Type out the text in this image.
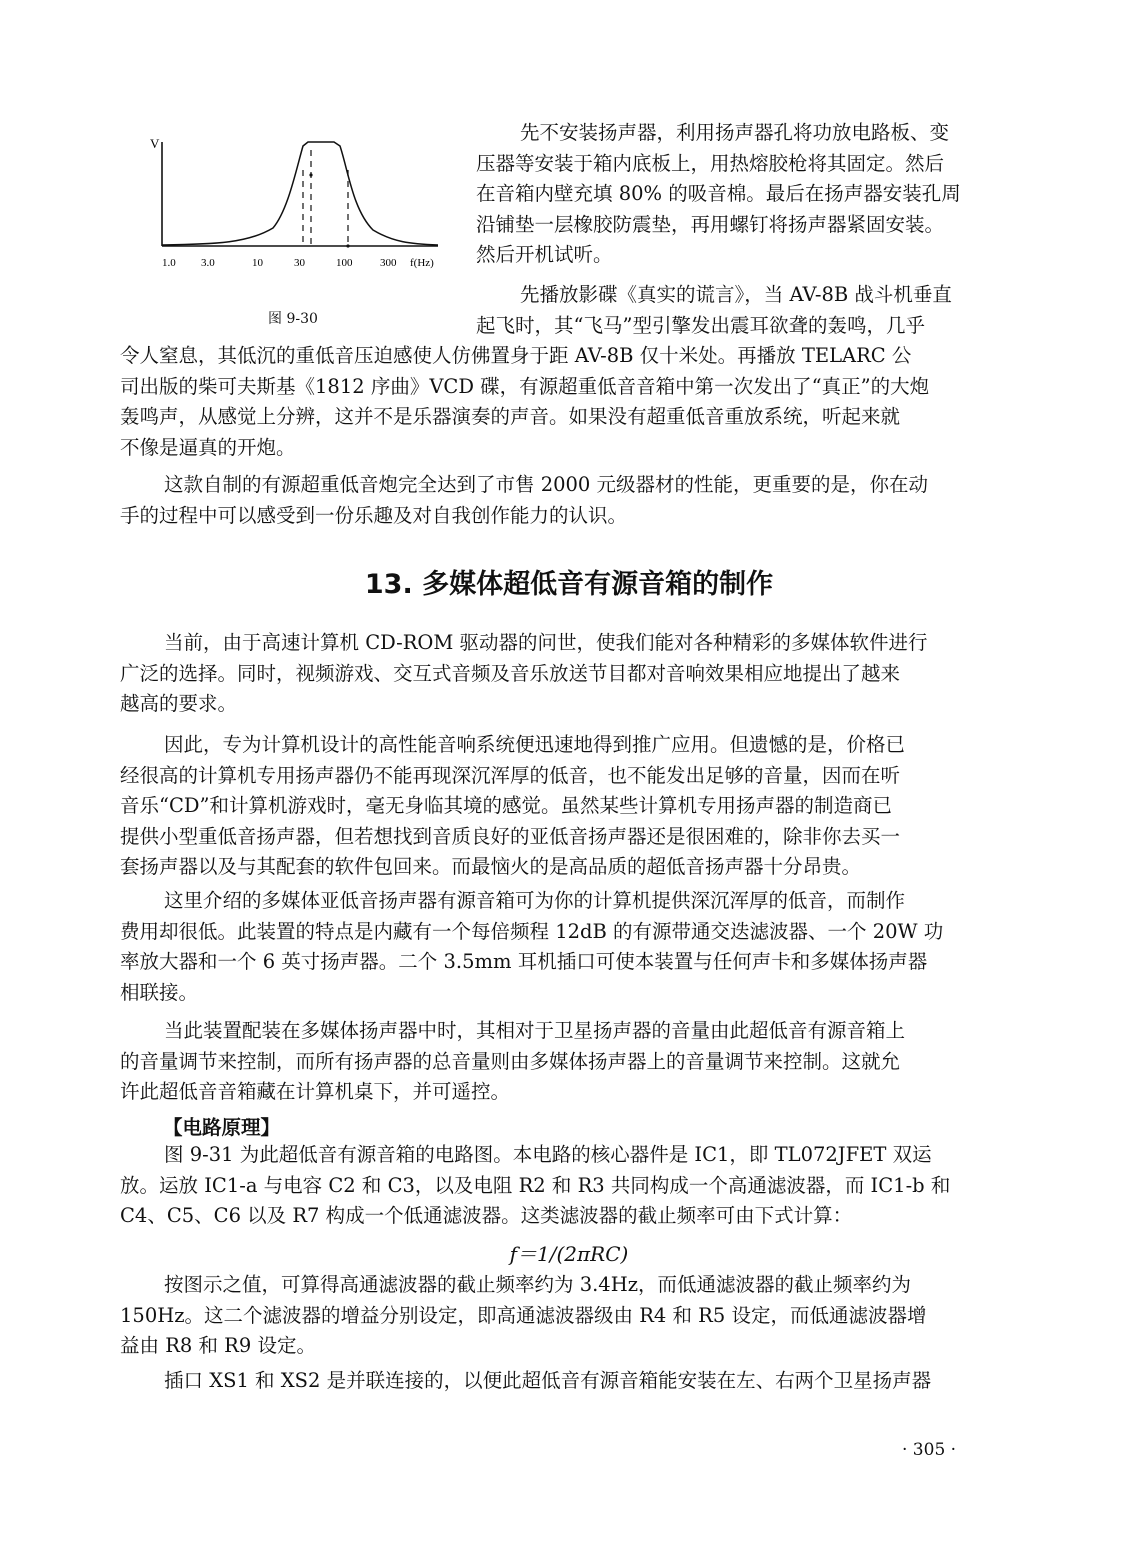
V
1.0 3.0	10	30	100	300 f(Hz)
图 9-30
先不安装扬声器，利用扬声器孔将功放电路板、变
压器等安装于箱内底板上，用热熔胶枪将其固定。然后
在音箱内壁充填 80% 的吸音棉。最后在扬声器安装孔周
沿铺垫一层橡胶防震垫，再用螺钉将扬声器紧固安装。
然后开机试听。
先播放影碟《真实的谎言》，当 AV-8B 战斗机垂直
起飞时，其“飞马”型引擎发出震耳欲聋的轰鸣，几乎
令人窒息，其低沉的重低音压迫感使人仿佛置身于距 AV-8B 仅十米处。再播放 TELARC 公
司出版的柴可夫斯基《1812 序曲》VCD 碟，有源超重低音音箱中第一次发出了“真正”的大炮
轰鸣声，从感觉上分辨，这并不是乐器演奏的声音。如果没有超重低音重放系统，听起来就
不像是逼真的开炮。
这款自制的有源超重低音炮完全达到了市售 2000 元级器材的性能，更重要的是，你在动
手的过程中可以感受到一份乐趣及对自我创作能力的认识。
13. 多媒体超低音有源音箱的制作
当前，由于高速计算机 CD-ROM 驱动器的问世，使我们能对各种精彩的多媒体软件进行
广泛的选择。同时，视频游戏、交互式音频及音乐放送节目都对音响效果相应地提出了越来
越高的要求。
因此，专为计算机设计的高性能音响系统便迅速地得到推广应用。但遗憾的是，价格已
经很高的计算机专用扬声器仍不能再现深沉浑厚的低音，也不能发出足够的音量，因而在听
音乐“CD”和计算机游戏时，毫无身临其境的感觉。虽然某些计算机专用扬声器的制造商已
提供小型重低音扬声器，但若想找到音质良好的亚低音扬声器还是很困难的，除非你去买一
套扬声器以及与其配套的软件包回来。而最恼火的是高品质的超低音扬声器十分昂贵。
这里介绍的多媒体亚低音扬声器有源音箱可为你的计算机提供深沉浑厚的低音，而制作
费用却很低。此装置的特点是内藏有一个每倍频程 12dB 的有源带通交迭滤波器、一个 20W 功
率放大器和一个 6 英寸扬声器。二个 3.5mm 耳机插口可使本装置与任何声卡和多媒体扬声器
相联接。
当此装置配装在多媒体扬声器中时，其相对于卫星扬声器的音量由此超低音有源音箱上
的音量调节来控制，而所有扬声器的总音量则由多媒体扬声器上的音量调节来控制。这就允
许此超低音音箱藏在计算机桌下，并可遥控。
【电路原理】
图 9-31 为此超低音有源音箱的电路图。本电路的核心器件是 IC1，即 TL072JFET 双运
放。运放 IC1-a 与电容 C2 和 C3，以及电阻 R2 和 R3 共同构成一个高通滤波器，而 IC1-b 和
C4、C5、C6 以及 R7 构成一个低通滤波器。这类滤波器的截止频率可由下式计算：
f＝1/(2πRC)
按图示之值，可算得高通滤波器的截止频率约为 3.4Hz，而低通滤波器的截止频率约为
150Hz。这二个滤波器的增益分别设定，即高通滤波器级由 R4 和 R5 设定，而低通滤波器增
益由 R8 和 R9 设定。
插口 XS1 和 XS2 是并联连接的，以便此超低音有源音箱能安装在左、右两个卫星扬声器
· 305 ·
